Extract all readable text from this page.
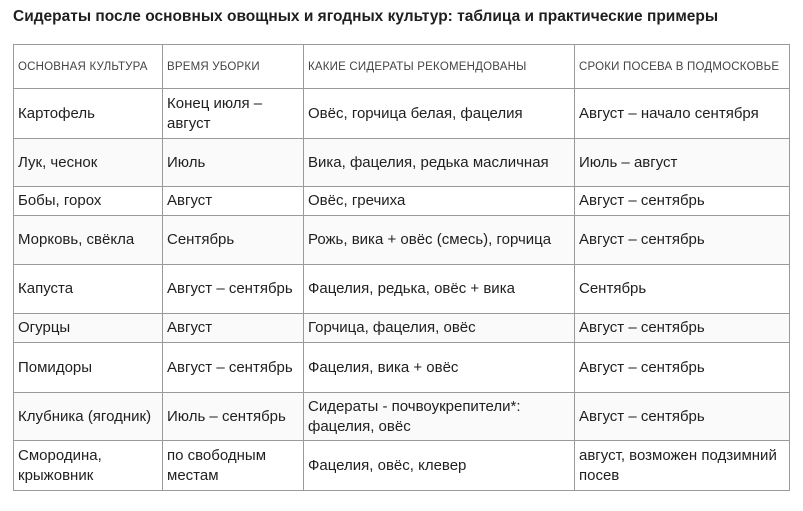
Сидераты после основных овощных и ягодных культур: таблица и практические примеры
ОСНОВНАЯ КУЛЬТУРА	ВРЕМЯ УБОРКИ	КАКИЕ СИДЕРАТЫ РЕКОМЕНДОВАНЫ	СРОКИ ПОСЕВА В ПОДМОСКОВЬЕ
Картофель	Конец июля – август	Овёс, горчица белая, фацелия	Август – начало сентября
Лук, чеснок	Июль	Вика, фацелия, редька масличная	Июль – август
Бобы, горох	Август	Овёс, гречиха	Август – сентябрь
Морковь, свёкла	Сентябрь	Рожь, вика + овёс (смесь), горчица	Август – сентябрь
Капуста	Август – сентябрь	Фацелия, редька, овёс + вика	Сентябрь
Огурцы	Август	Горчица, фацелия, овёс	Август – сентябрь
Помидоры	Август – сентябрь	Фацелия, вика + овёс	Август – сентябрь
Клубника (ягодник)	Июль – сентябрь	Сидераты - почвоукрепители*: фацелия, овёс	Август – сентябрь
Смородина, крыжовник	по свободным местам	Фацелия, овёс, клевер	август, возможен подзимний посев
